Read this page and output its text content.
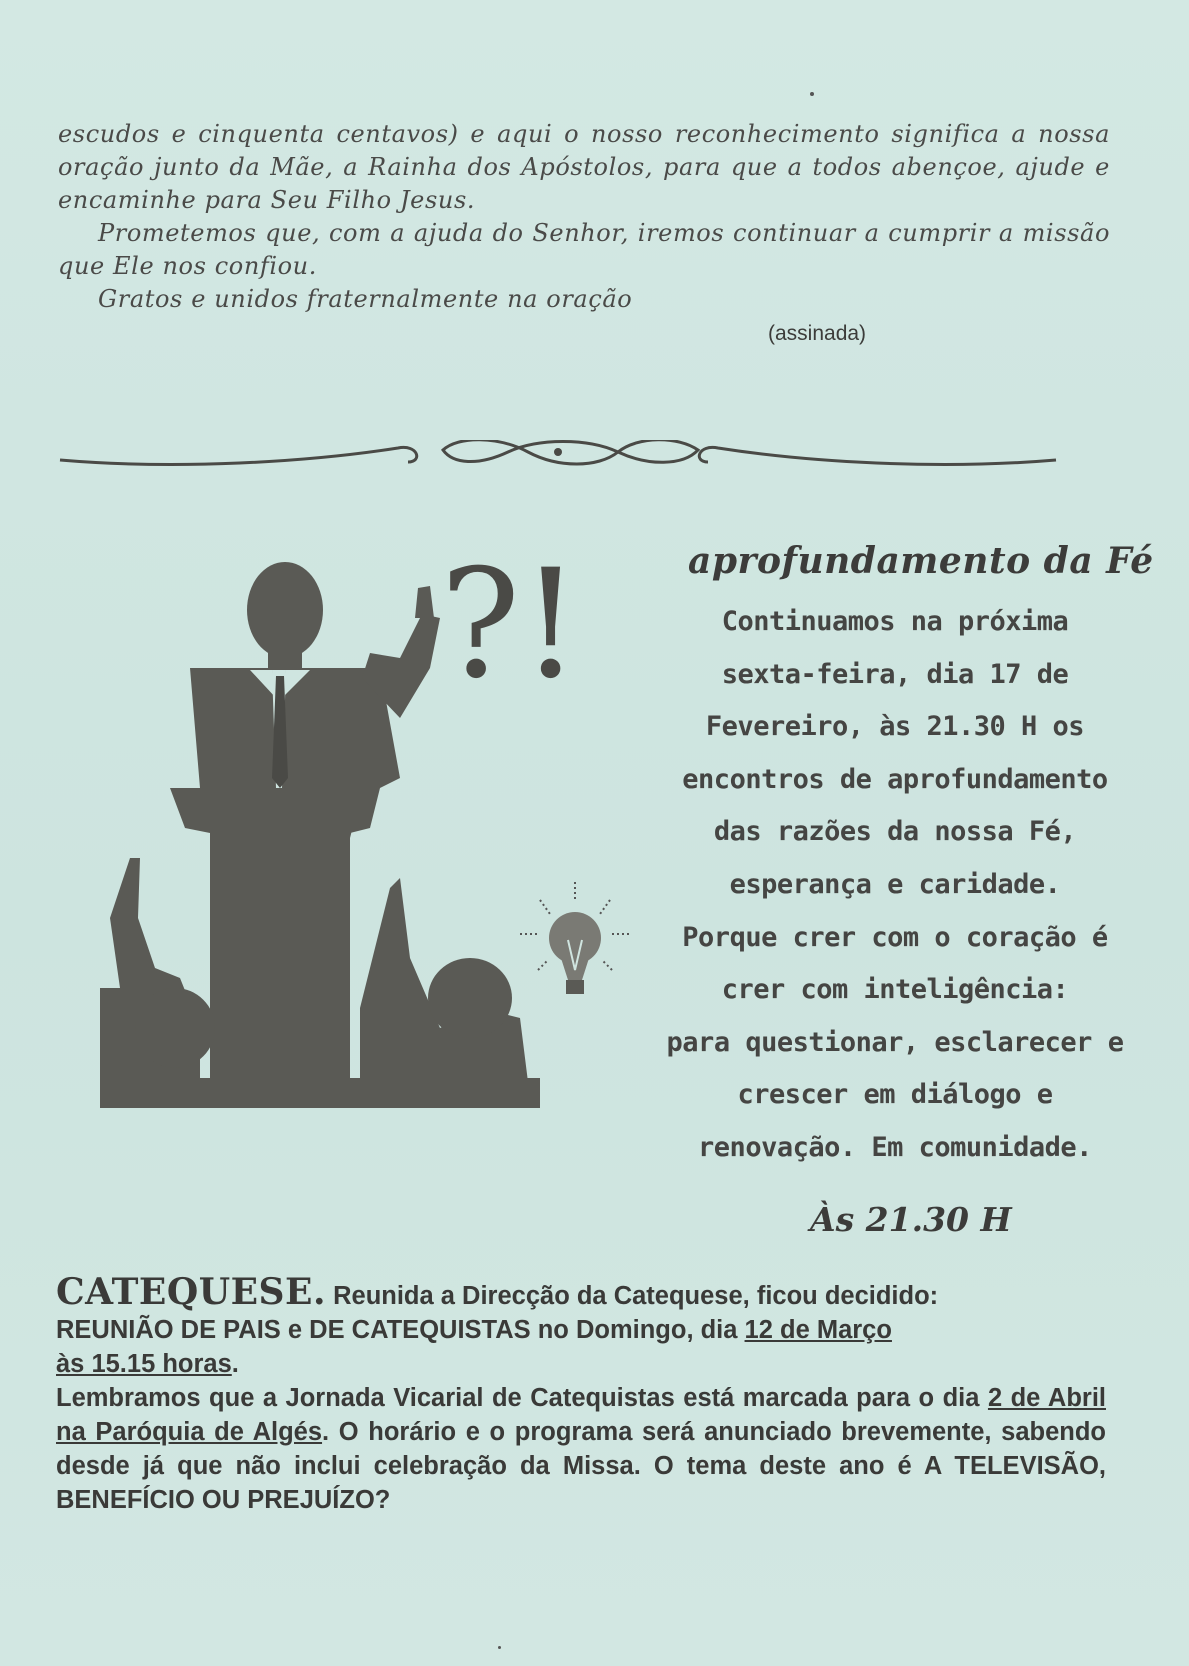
escudos e cinquenta centavos) e aqui o nosso reconhecimento significa a nossa oração junto da Mãe, a Rainha dos Apóstolos, para que a todos abençoe, ajude e encaminhe para Seu Filho Jesus.

Prometemos que, com a ajuda do Senhor, iremos continuar a cumprir a missão que Ele nos confiou.

Gratos e unidos fraternalmente na oração

(assinada)
?!	aprofundamento da Fé
Continuamos na próxima
sexta-feira, dia 17 de
Fevereiro, às 21.30 H os
encontros de aprofundamento
das razões da nossa Fé,
esperança e caridade.
Porque crer com o coração é
crer com inteligência:
para questionar, esclarecer e
crescer em diálogo e
renovação. Em comunidade.
Às 21.30 H

CATEQUESE. Reunida a Direcção da Catequese, ficou decidido:
REUNIÃO DE PAIS e DE CATEQUISTAS no Domingo, dia 12 de Março
às 15.15 horas.

Lembramos que a Jornada Vicarial de Catequistas está marcada para o dia 2 de Abril na Paróquia de Algés. O horário e o programa será anunciado brevemente, sabendo desde já que não inclui celebração da Missa. O tema deste ano é A TELEVISÃO, BENEFÍCIO OU PREJUÍZO?
